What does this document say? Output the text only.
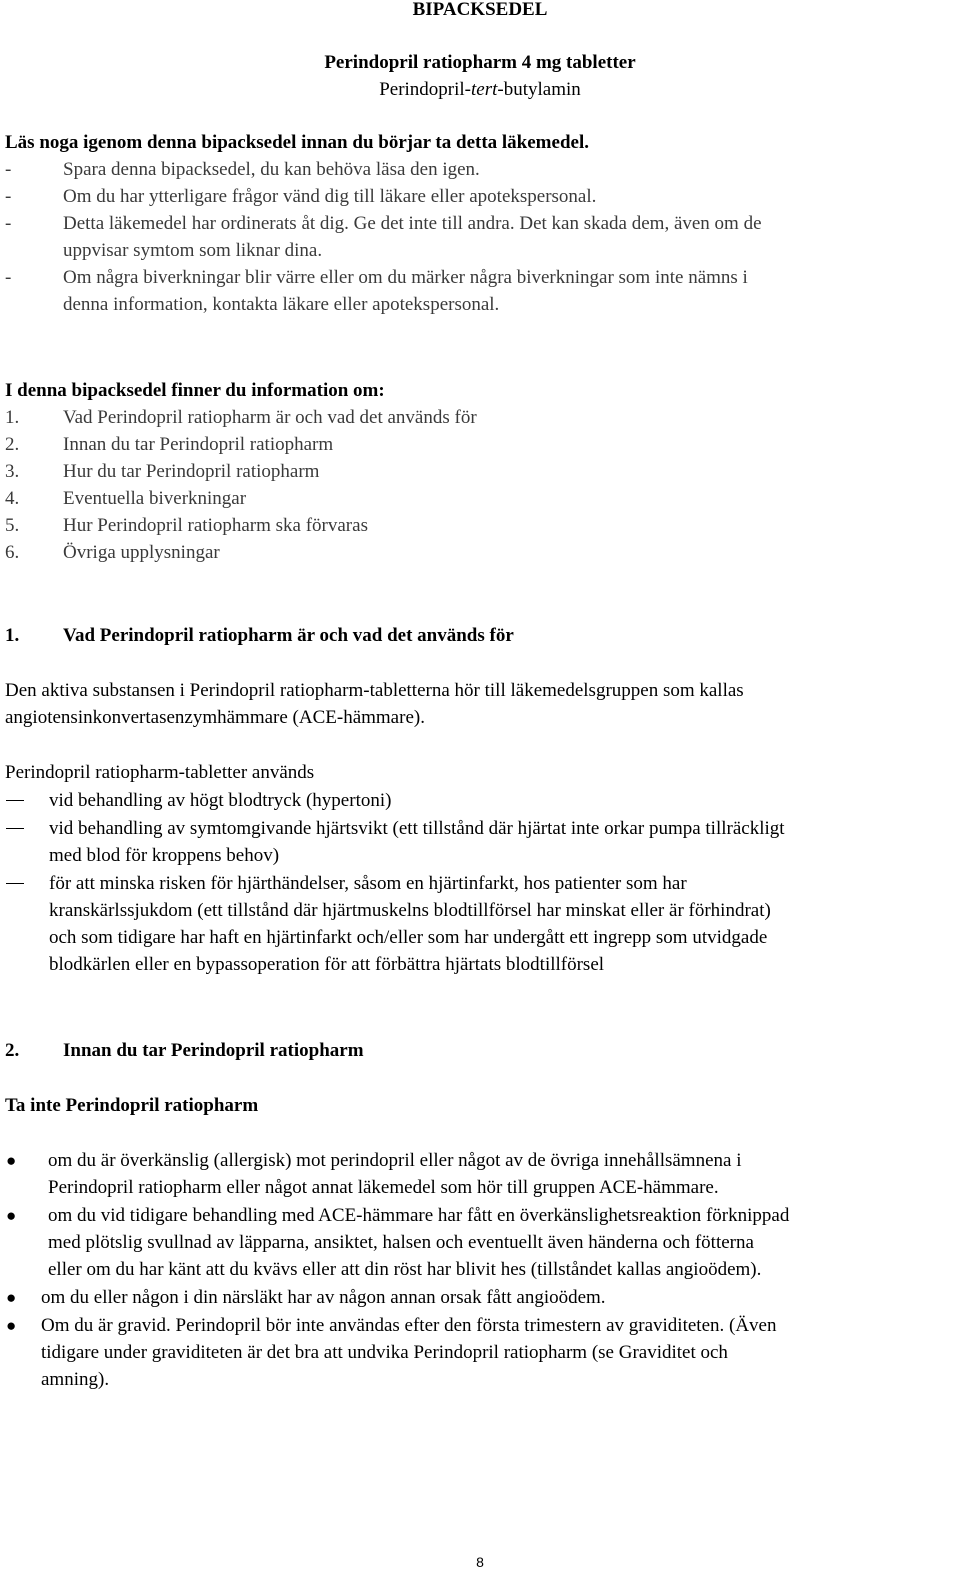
BIPACKSEDEL
Perindopril ratiopharm 4 mg tabletter
Perindopril-tert-butylamin
Läs noga igenom denna bipacksedel innan du börjar ta detta läkemedel.
-	Spara denna bipacksedel, du kan behöva läsa den igen.
-	Om du har ytterligare frågor vänd dig till läkare eller apotekspersonal.
-	Detta läkemedel har ordinerats åt dig. Ge det inte till andra. Det kan skada dem, även om de
uppvisar symtom som liknar dina.
-	Om några biverkningar blir värre eller om du märker några biverkningar som inte nämns i
denna information, kontakta läkare eller apotekspersonal.
I denna bipacksedel finner du information om:
1. Vad Perindopril ratiopharm är och vad det används för
2. Innan du tar Perindopril ratiopharm
3. Hur du tar Perindopril ratiopharm
4. Eventuella biverkningar
5. Hur Perindopril ratiopharm ska förvaras
6. Övriga upplysningar
1. Vad Perindopril ratiopharm är och vad det används för
Den aktiva substansen i Perindopril ratiopharm-tabletterna hör till läkemedelsgruppen som kallas
angiotensinkonvertasenzymhämmare (ACE-hämmare).
Perindopril ratiopharm-tabletter används
vid behandling av högt blodtryck (hypertoni)
vid behandling av symtomgivande hjärtsvikt (ett tillstånd där hjärtat inte orkar pumpa tillräckligt
med blod för kroppens behov)
för att minska risken för hjärthändelser, såsom en hjärtinfarkt, hos patienter som har
kranskärlssjukdom (ett tillstånd där hjärtmuskelns blodtillförsel har minskat eller är förhindrat)
och som tidigare har haft en hjärtinfarkt och/eller som har undergått ett ingrepp som utvidgade
blodkärlen eller en bypassoperation för att förbättra hjärtats blodtillförsel
2. Innan du tar Perindopril ratiopharm
Ta inte Perindopril ratiopharm
● om du är överkänslig (allergisk) mot perindopril eller något av de övriga innehållsämnena i
Perindopril ratiopharm eller något annat läkemedel som hör till gruppen ACE-hämmare.
● om du vid tidigare behandling med ACE-hämmare har fått en överkänslighetsreaktion förknippad
med plötslig svullnad av läpparna, ansiktet, halsen och eventuellt även händerna och fötterna
eller om du har känt att du kvävs eller att din röst har blivit hes (tillståndet kallas angioödem).
● om du eller någon i din närsläkt har av någon annan orsak fått angioödem.
● Om du är gravid. Perindopril bör inte användas efter den första trimestern av graviditeten. (Även
tidigare under graviditeten är det bra att undvika Perindopril ratiopharm (se Graviditet och
amning).
8
